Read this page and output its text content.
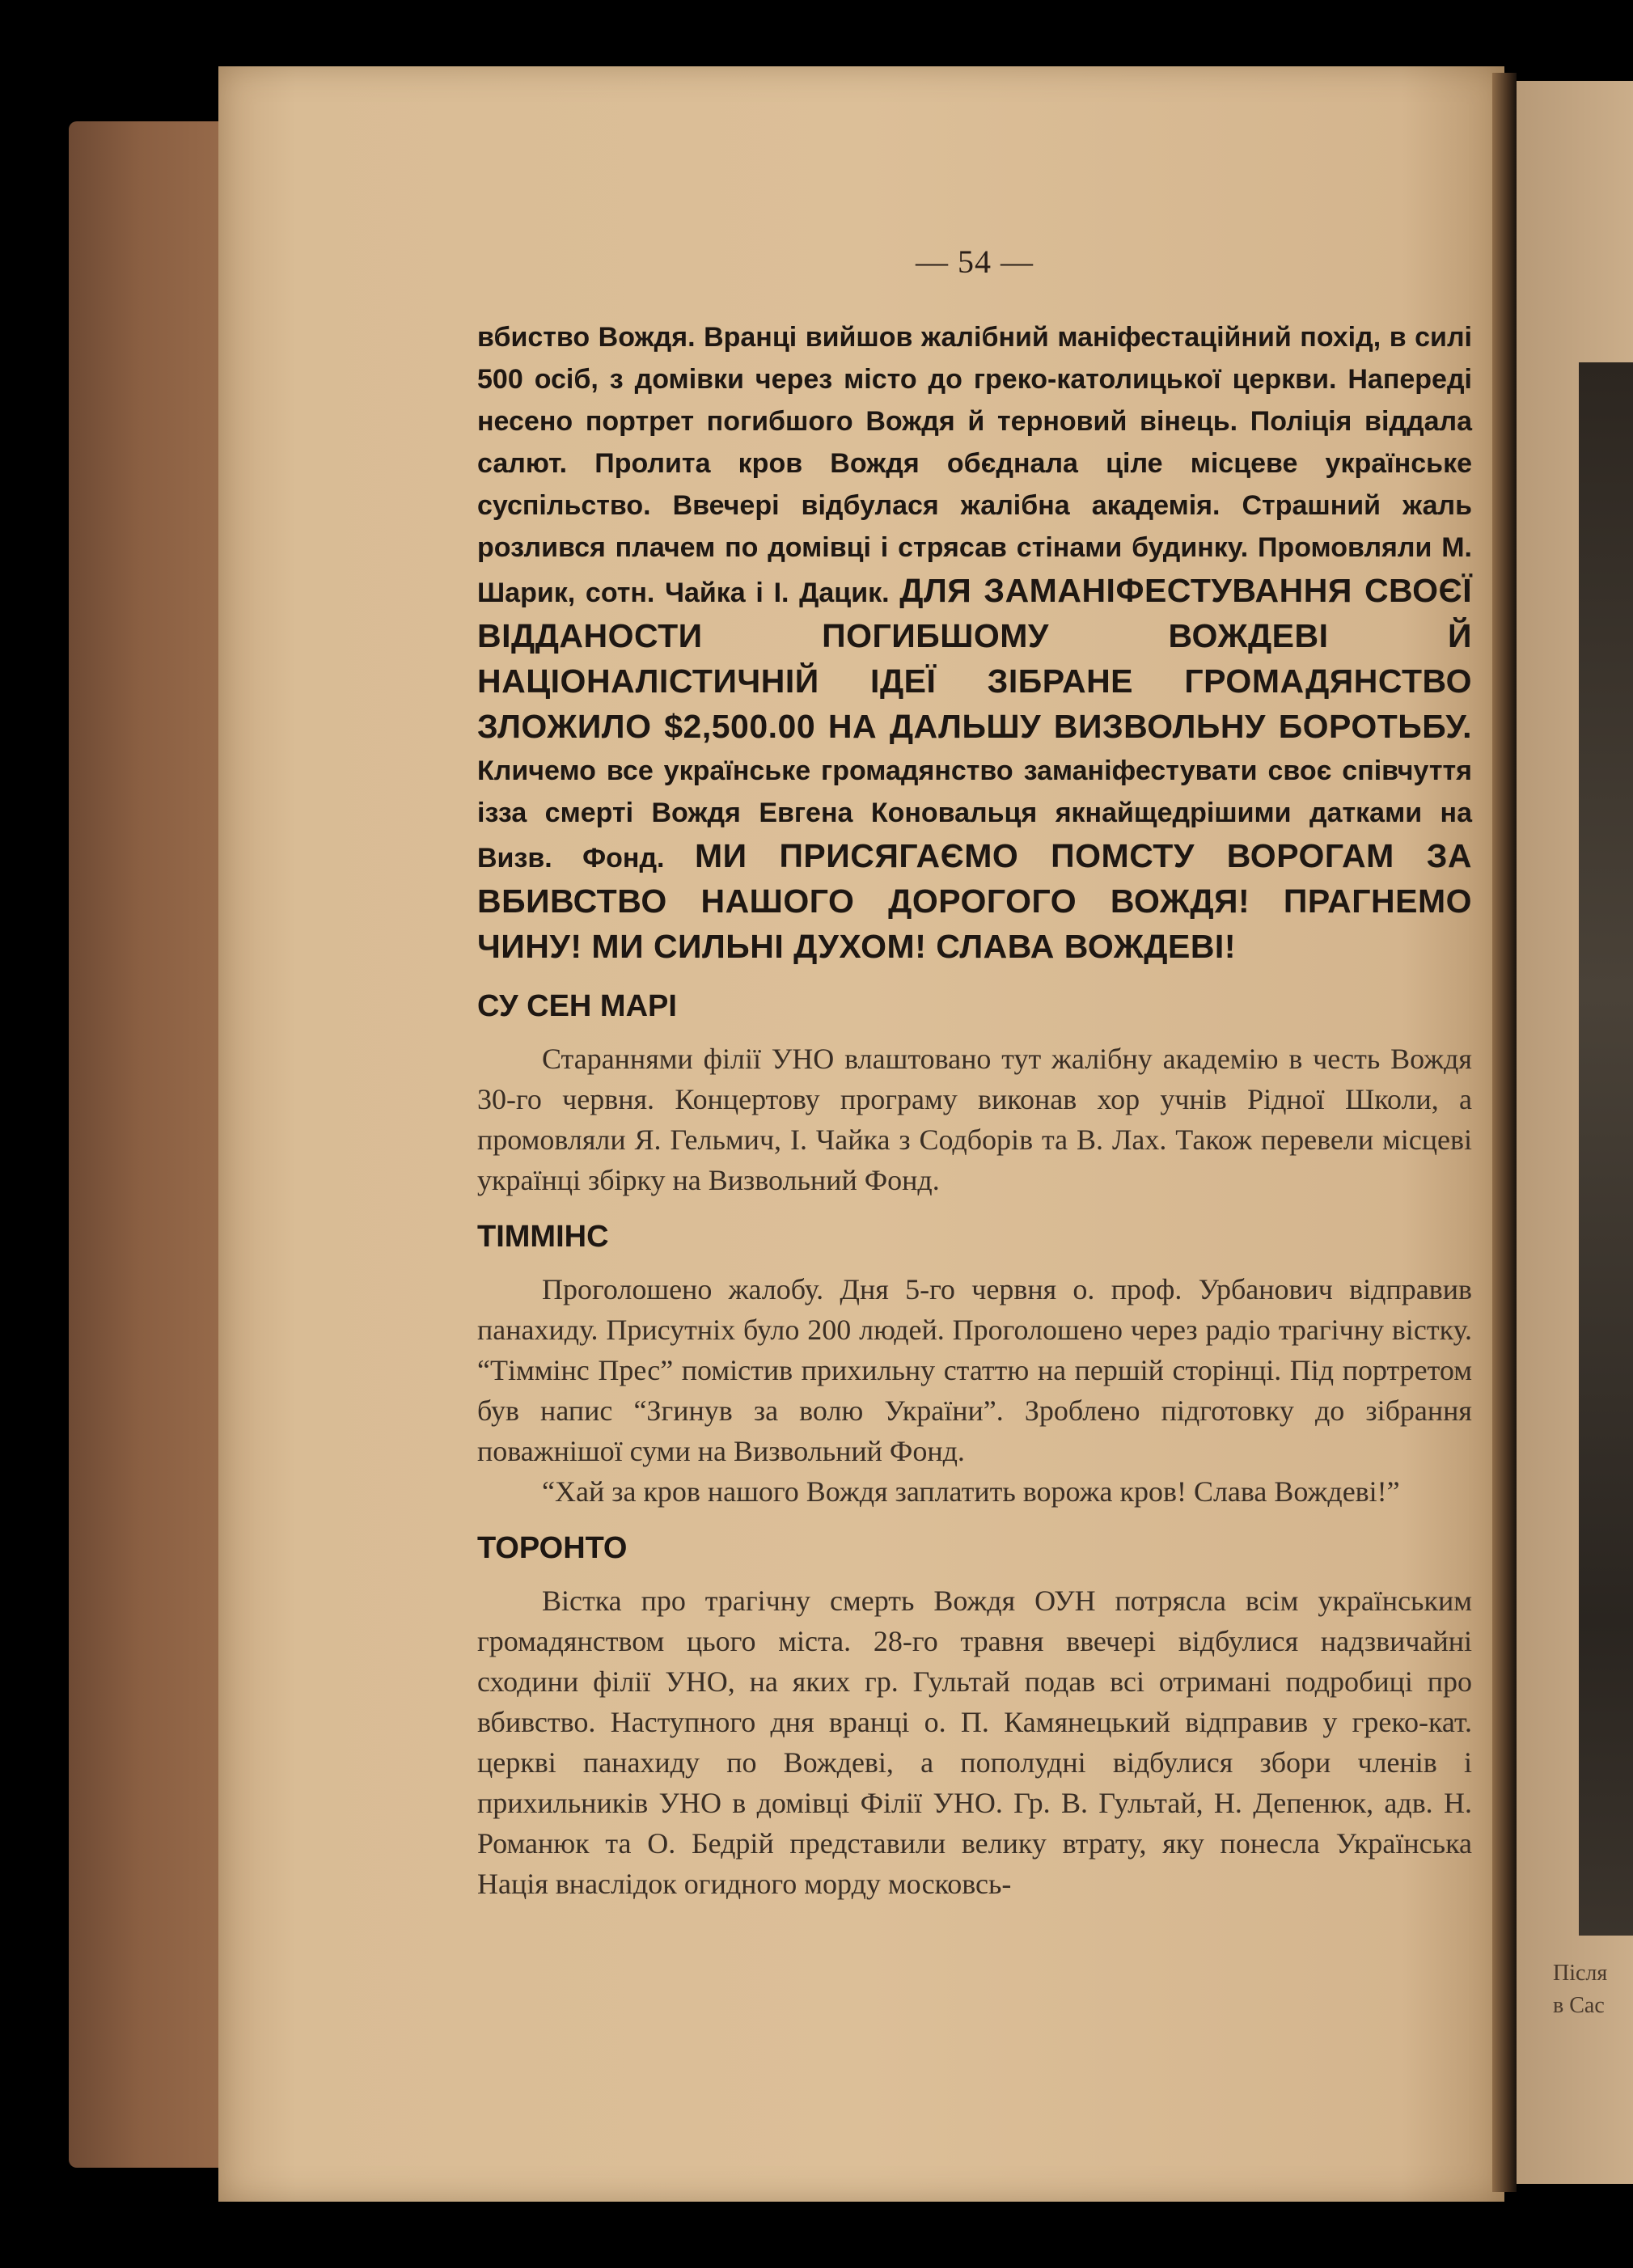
Після
в Сас
— 54 —

вбиство Вождя. Вранці вийшов жалібний маніфестаційний похід, в силі 500 осіб, з домівки через місто до греко-католицької церкви. Напереді несено портрет погибшого Вождя й терновий вінець. Поліція віддала салют. Пролита кров Вождя обєднала ціле місцеве українське суспільство. Ввечері відбулася жалібна академія. Страшний жаль розлився плачем по домівці і стрясав стінами будинку. Промовляли М. Шарик, сотн. Чайка і І. Дацик. ДЛЯ ЗАМАНІФЕСТУВАННЯ СВОЄЇ ВІДДАНОСТИ ПОГИБШОМУ ВОЖДЕВІ Й НАЦІОНАЛІСТИЧНІЙ ІДЕЇ ЗІБРАНЕ ГРОМАДЯНСТВО ЗЛОЖИЛО $2,500.00 НА ДАЛЬШУ ВИЗВОЛЬНУ БОРОТЬБУ. Кличемо все українське громадянство заманіфестувати своє співчуття ізза смерті Вождя Евгена Коновальця якнайщедрішими датками на Визв. Фонд. МИ ПРИСЯГАЄМО ПОМСТУ ВОРОГАМ ЗА ВБИВСТВО НАШОГО ДОРОГОГО ВОЖДЯ! ПРАГНЕМО ЧИНУ! МИ СИЛЬНІ ДУХОМ! СЛАВА ВОЖДЕВІ!

СУ СЕН МАРІ

Стараннями філії УНО влаштовано тут жалібну академію в честь Вождя 30-го червня. Концертову програму виконав хор учнів Рідної Школи, а промовляли Я. Гельмич, І. Чайка з Содборів та В. Лах. Також перевели місцеві українці збірку на Визвольний Фонд.

ТІММІНС

Проголошено жалобу. Дня 5-го червня о. проф. Урбанович відправив панахиду. Присутніх було 200 людей. Проголошено через радіо трагічну вістку. “Тіммінс Прес” помістив прихильну статтю на першій сторінці. Під портретом був напис “Згинув за волю України”. Зроблено підготовку до зібрання поважнішої суми на Визвольний Фонд.

“Хай за кров нашого Вождя заплатить ворожа кров! Слава Вождеві!”

ТОРОНТО

Вістка про трагічну смерть Вождя ОУН потрясла всім українським громадянством цього міста. 28-го травня ввечері відбулися надзвичайні сходини філії УНО, на яких гр. Гультай подав всі отримані подробиці про вбивство. Наступного дня вранці о. П. Камянецький відправив у греко-кат. церкві панахиду по Вождеві, а пополудні відбулися збори членів і прихильників УНО в домівці Філії УНО. Гр. В. Гультай, Н. Депенюк, адв. Н. Романюк та О. Бедрій представили велику втрату, яку понесла Українська Нація внаслідок огидного морду московсь-
